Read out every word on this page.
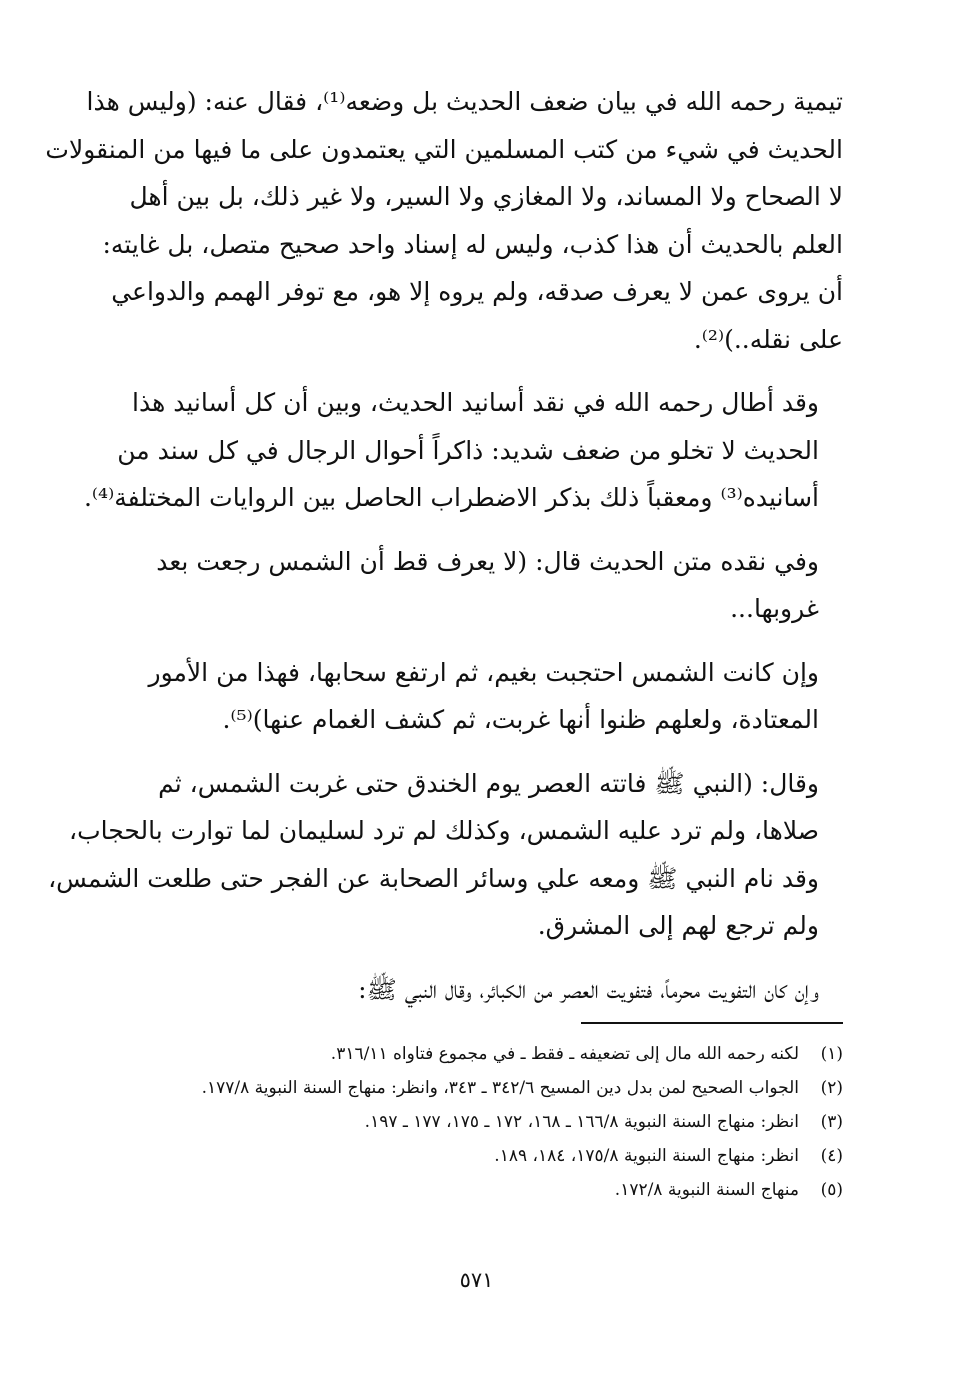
تيمية رحمه الله في بيان ضعف الحديث بل وضعه⁽¹⁾، فقال عنه: (وليس هذا
الحديث في شيء من كتب المسلمين التي يعتمدون على ما فيها من المنقولات
لا الصحاح ولا المساند، ولا المغازي ولا السير، ولا غير ذلك، بل بين أهل
العلم بالحديث أن هذا كذب، وليس له إسناد واحد صحيح متصل، بل غايته:
أن يروى عمن لا يعرف صدقه، ولم يروه إلا هو، مع توفر الهمم والدواعي
على نقله..)⁽²⁾.

وقد أطال رحمه الله في نقد أسانيد الحديث، وبين أن كل أسانيد هذا
الحديث لا تخلو من ضعف شديد: ذاكراً أحوال الرجال في كل سند من
أسانيده⁽³⁾ ومعقباً ذلك بذكر الاضطراب الحاصل بين الروايات المختلفة⁽⁴⁾.

وفي نقده متن الحديث قال: (لا يعرف قط أن الشمس رجعت بعد
غروبها...

وإن كانت الشمس احتجبت بغيم، ثم ارتفع سحابها، فهذا من الأمور
المعتادة، ولعلهم ظنوا أنها غربت، ثم كشف الغمام عنها)⁽⁵⁾.

وقال: (النبي ﷺ فاتته العصر يوم الخندق حتى غربت الشمس، ثم
صلاها، ولم ترد عليه الشمس، وكذلك لم ترد لسليمان لما توارت بالحجاب،
وقد نام النبي ﷺ ومعه علي وسائر الصحابة عن الفجر حتى طلعت الشمس،
ولم ترجع لهم إلى المشرق.

وإن كان التفويت محرماً، فتفويت العصر من الكبائر، وقال النبي ﷺ:

(١)
لكنه رحمه الله مال إلى تضعيفه ـ فقط ـ في مجموع فتاواه ٣١٦/١١.
(٢)
الجواب الصحيح لمن بدل دين المسيح ٣٤٢/٦ ـ ٣٤٣، وانظر: منهاج السنة النبوية ١٧٧/٨.
(٣)
انظر: منهاج السنة النبوية ١٦٦/٨ ـ ١٦٨، ١٧٢ ـ ١٧٥، ١٧٧ ـ ١٩٧.
(٤)
انظر: منهاج السنة النبوية ١٧٥/٨، ١٨٤، ١٨٩.
(٥)
منهاج السنة النبوية ١٧٢/٨.
٥٧١
